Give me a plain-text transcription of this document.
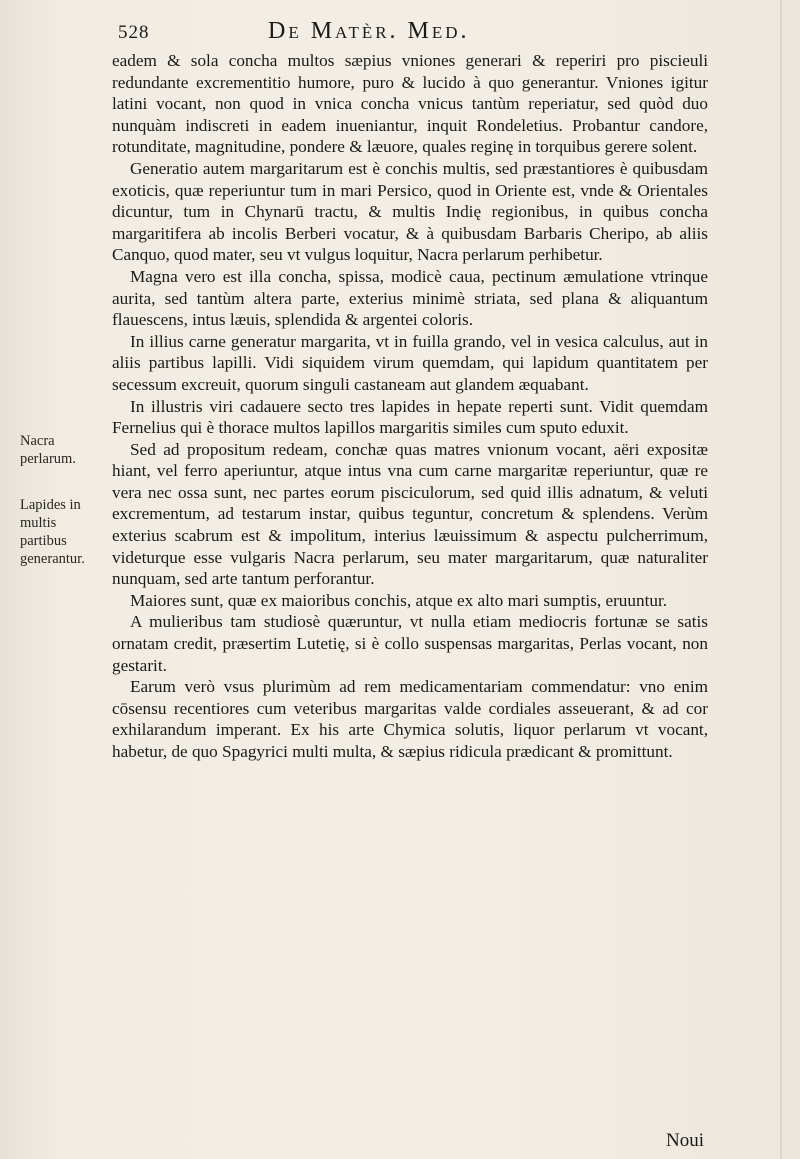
528	De Matèr. Med.
Nacra perlarum.
Lapides in multis partibus generantur.

eadem & sola concha multos sæpius vniones generari & reperiri pro piscieuli redundante excrementitio humore, puro & lucido à quo generantur. Vniones igitur latini vocant, non quod in vnica concha vnicus tantùm reperiatur, sed quòd duo nunquàm indiscreti in eadem inueniantur, inquit Rondeletius. Probantur candore, rotunditate, magnitudine, pondere & læuore, quales reginę in torquibus gerere solent.

Generatio autem margaritarum est è conchis multis, sed præstantiores è quibusdam exoticis, quæ reperiuntur tum in mari Persico, quod in Oriente est, vnde & Orientales dicuntur, tum in Chynarū tractu, & multis Indię regionibus, in quibus concha margaritifera ab incolis Berberi vocatur, & à quibusdam Barbaris Cheripo, ab aliis Canquo, quod mater, seu vt vulgus loquitur, Nacra perlarum perhibetur.

Magna vero est illa concha, spissa, modicè caua, pectinum æmulatione vtrinque aurita, sed tantùm altera parte, exterius minimè striata, sed plana & aliquantum flauescens, intus læuis, splendida & argentei coloris.

In illius carne generatur margarita, vt in fuilla grando, vel in vesica calculus, aut in aliis partibus lapilli. Vidi siquidem virum quemdam, qui lapidum quantitatem per secessum excreuit, quorum singuli castaneam aut glandem æquabant.

In illustris viri cadauere secto tres lapides in hepate reperti sunt. Vidit quemdam Fernelius qui è thorace multos lapillos margaritis similes cum sputo eduxit.

Sed ad propositum redeam, conchæ quas matres vnionum vocant, aëri expositæ hiant, vel ferro aperiuntur, atque intus vna cum carne margaritæ reperiuntur, quæ re vera nec ossa sunt, nec partes eorum pisciculorum, sed quid illis adnatum, & veluti excrementum, ad testarum instar, quibus teguntur, concretum & splendens. Verùm exterius scabrum est & impolitum, interius læuissimum & aspectu pulcherrimum, videturque esse vulgaris Nacra perlarum, seu mater margaritarum, quæ naturaliter nunquam, sed arte tantum perforantur.

Maiores sunt, quæ ex maioribus conchis, atque ex alto mari sumptis, eruuntur.

A mulieribus tam studiosè quæruntur, vt nulla etiam mediocris fortunæ se satis ornatam credit, præsertim Lutetię, si è collo suspensas margaritas, Perlas vocant, non gestarit.

Earum verò vsus plurimùm ad rem medicamentariam commendatur: vno enim cōsensu recentiores cum veteribus margaritas valde cordiales asseuerant, & ad cor exhilarandum imperant. Ex his arte Chymica solutis, liquor perlarum vt vocant, habetur, de quo Spagyrici multi multa, & sæpius ridicula prædicant & promittunt.

Noui
